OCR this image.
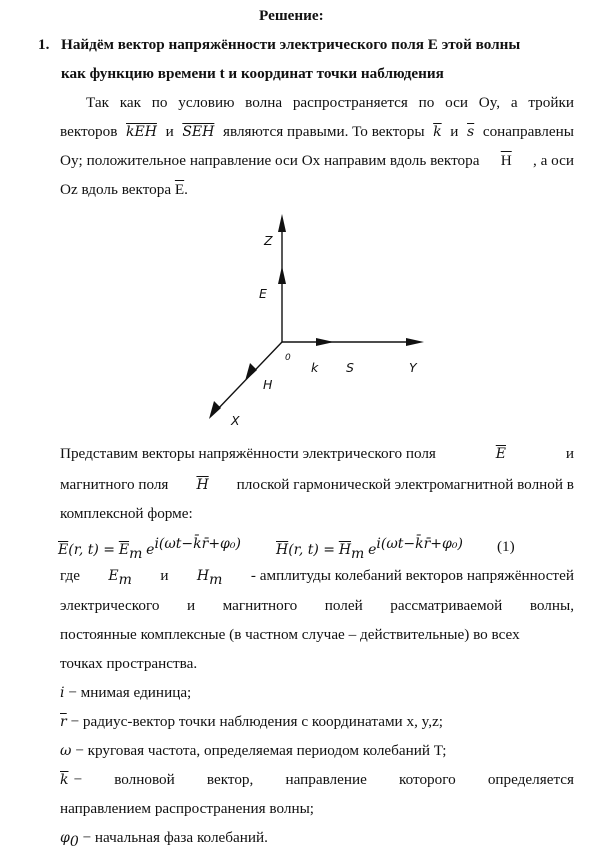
Решение:
1. Найдём вектор напряжённости электрического поля E этой волны
как функцию времени t и координат точки наблюдения
Так как по условию волна распространяется по оси Oy, а тройки
векторов $\overline{kEH}$ и $\overline{SEH}$ являются правыми. То векторы $\overline{k}$ и $\overline{s}$ сонаправлены
Oy; положительное направление оси Ox направим вдоль вектора $\overline{H}$ , а оси
Oz вдоль вектора $\overline{E}$.
Z
E
0
k S	Y
H
X
Представим векторы напряжённости электрического поля	$\overline{E}$	и
магнитного поля $\overline{H}$ плоской гармонической электромагнитной волной в
комплексной форме:
$\overline{E}(r$, $t) = \overline{E}_m$ $e^{i(\omega t-k̄r̄+\varphi_0)}$	$\overline{H}(r$, $t) = \overline{H}_m$ $e^{i(\omega t-k̄r̄+\varphi_0)}$ (1)
где $E_m$ и $H_m$ - амплитуды колебаний векторов напряжённостей
электрического и магнитного полей рассматриваемой волны,
постоянные комплексные (в частном случае – действительные) во всех
точках пространства.
i − мнимая единица;
$\overline{r}$ − радиус-вектор точки наблюдения с координатами x, y,z;
ω − круговая частота, определяемая периодом колебаний T;
$\overline{k}$ − волновой вектор, направление которого определяется
направлением распространения волны;
$\varphi_0$ − начальная фаза колебаний.
